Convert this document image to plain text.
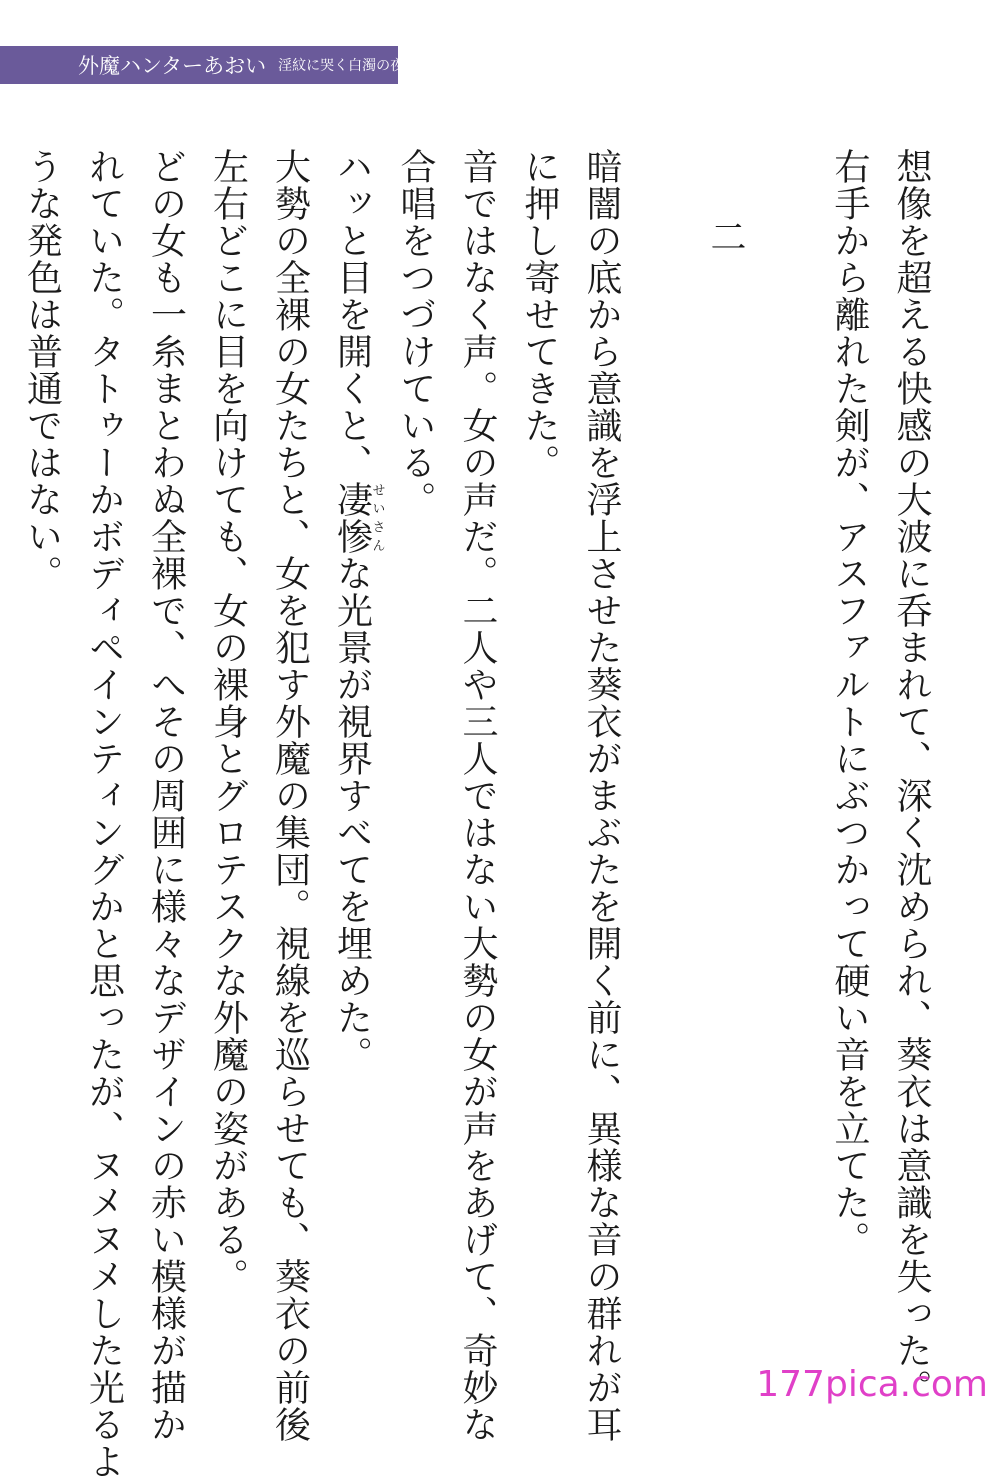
外魔ハンターあおい 淫紋に哭く白濁の夜
想像を超える快感の大波に呑まれて、深く沈められ、葵衣は意識を失った。
右手から離れた剣が、アスファルトにぶつかって硬い音を立てた。
二
暗闇の底から意識を浮上させた葵衣がまぶたを開く前に、異様な音の群れが耳
に押し寄せてきた。
音ではなく声。女の声だ。二人や三人ではない大勢の女が声をあげて、奇妙な
合唱をつづけている。
ハッと目を開くと、凄惨せいさんな光景が視界すべてを埋めた。
大勢の全裸の女たちと、女を犯す外魔の集団。視線を巡らせても、葵衣の前後
左右どこに目を向けても、女の裸身とグロテスクな外魔の姿がある。
どの女も一糸まとわぬ全裸で、へその周囲に様々なデザインの赤い模様が描か
れていた。タトゥーかボディペインティングかと思ったが、ヌメヌメした光るよ
うな発色は普通ではない。
177pica.com
